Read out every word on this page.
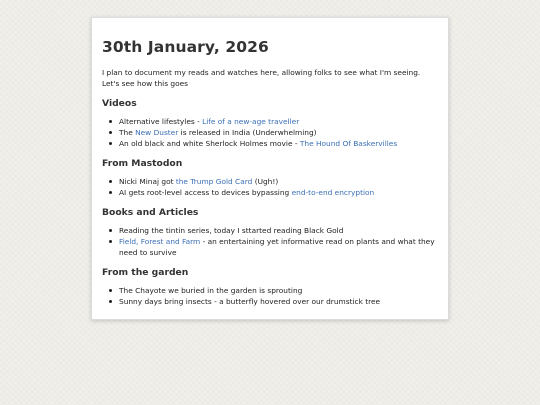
30th January, 2026

I plan to document my reads and watches here, allowing folks to see what I'm seeing. Let's see how this goes

Videos
Alternative lifestyles - Life of a new-age traveller
The New Duster is released in India (Underwhelming)
An old black and white Sherlock Holmes movie - The Hound Of Baskervilles
From Mastodon
Nicki Minaj got the Trump Gold Card (Ugh!)
AI gets root-level access to devices bypassing end-to-end encryption
Books and Articles
Reading the tintin series, today I sttarted reading Black Gold
Field, Forest and Farm - an entertaining yet informative read on plants and what they need to survive
From the garden
The Chayote we buried in the garden is sprouting
Sunny days bring insects - a butterfly hovered over our drumstick tree
